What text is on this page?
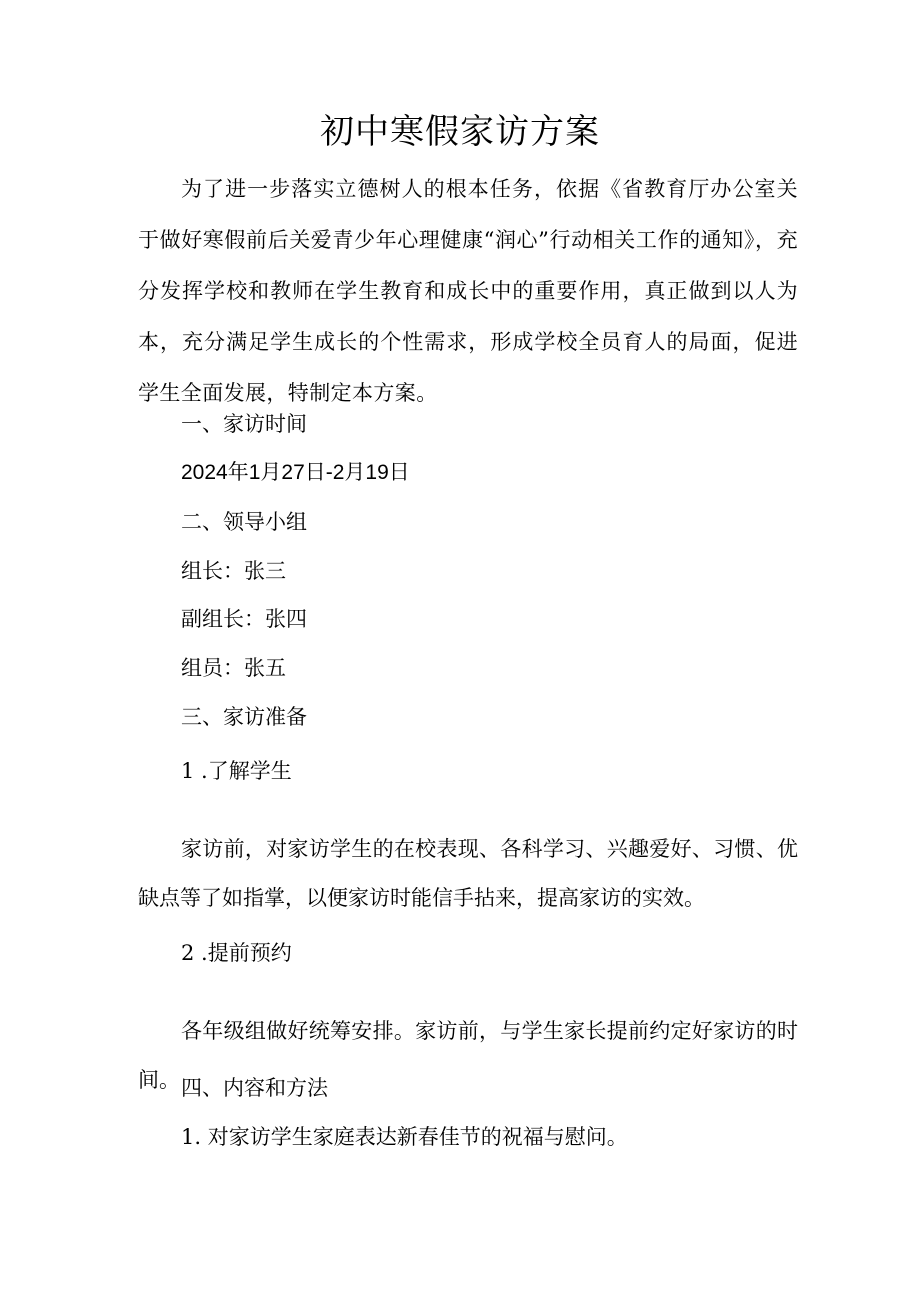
初中寒假家访方案
为了进一步落实立德树人的根本任务，依据《省教育厅办公室关于做好寒假前后关爱青少年心理健康“润心”行动相关工作的通知》，充分发挥学校和教师在学生教育和成长中的重要作用，真正做到以人为本，充分满足学生成长的个性需求，形成学校全员育人的局面，促进学生全面发展，特制定本方案。
一、家访时间
2024年1月27日-2月19日
二、领导小组
组长：张三
副组长：张四
组员：张五
三、家访准备
1 .了解学生
家访前，对家访学生的在校表现、各科学习、兴趣爱好、习惯、优缺点等了如指掌，以便家访时能信手拈来，提高家访的实效。
2 .提前预约
各年级组做好统筹安排。家访前，与学生家长提前约定好家访的时间。 四、内容和方法
1. 对家访学生家庭表达新春佳节的祝福与慰问。
